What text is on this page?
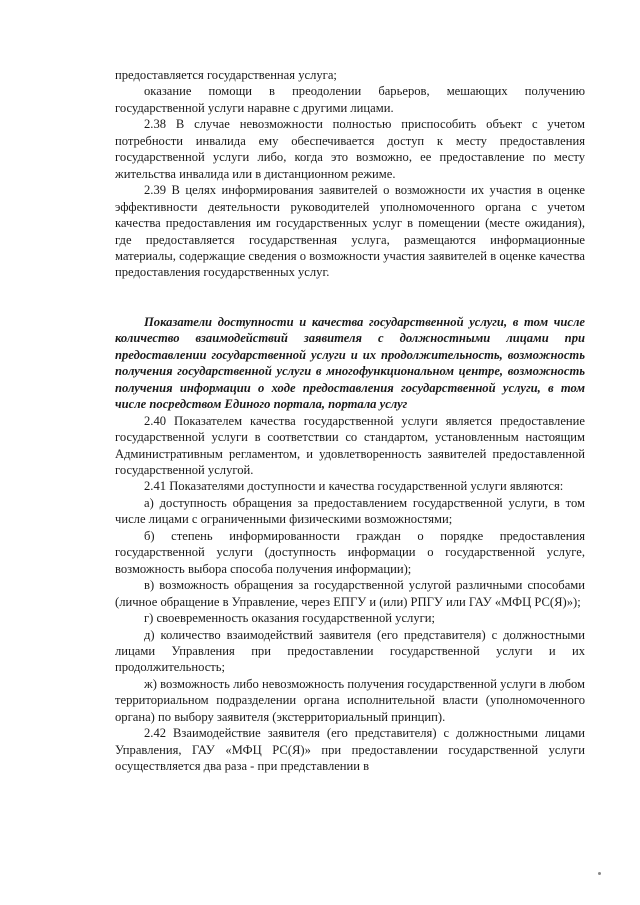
предоставляется государственная услуга;

оказание помощи в преодолении барьеров, мешающих получению государственной услуги наравне с другими лицами.

2.38 В случае невозможности полностью приспособить объект с учетом потребности инвалида ему обеспечивается доступ к месту предоставления государственной услуги либо, когда это возможно, ее предоставление по месту жительства инвалида или в дистанционном режиме.

2.39 В целях информирования заявителей о возможности их участия в оценке эффективности деятельности руководителей уполномоченного органа с учетом качества предоставления им государственных услуг в помещении (месте ожидания), где предоставляется государственная услуга, размещаются информационные материалы, содержащие сведения о возможности участия заявителей в оценке качества предоставления государственных услуг.

Показатели доступности и качества государственной услуги, в том числе количество взаимодействий заявителя с должностными лицами при предоставлении государственной услуги и их продолжительность, возможность получения государственной услуги в многофункциональном центре, возможность получения информации о ходе предоставления государственной услуги, в том числе посредством Единого портала, портала услуг

2.40 Показателем качества государственной услуги является предоставление государственной услуги в соответствии со стандартом, установленным настоящим Административным регламентом, и удовлетворенность заявителей предоставленной государственной услугой.

2.41 Показателями доступности и качества государственной услуги являются:

а) доступность обращения за предоставлением государственной услуги, в том числе лицами с ограниченными физическими возможностями;

б) степень информированности граждан о порядке предоставления государственной услуги (доступность информации о государственной услуге, возможность выбора способа получения информации);

в) возможность обращения за государственной услугой различными способами (личное обращение в Управление, через ЕПГУ и (или) РПГУ или ГАУ «МФЦ РС(Я)»);

г) своевременность оказания государственной услуги;

д) количество взаимодействий заявителя (его представителя) с должностными лицами Управления при предоставлении государственной услуги и их продолжительность;

ж) возможность либо невозможность получения государственной услуги в любом территориальном подразделении органа исполнительной власти (уполномоченного органа) по выбору заявителя (экстерриториальный принцип).

2.42 Взаимодействие заявителя (его представителя) с должностными лицами Управления, ГАУ «МФЦ РС(Я)» при предоставлении государственной услуги осуществляется два раза - при представлении в
